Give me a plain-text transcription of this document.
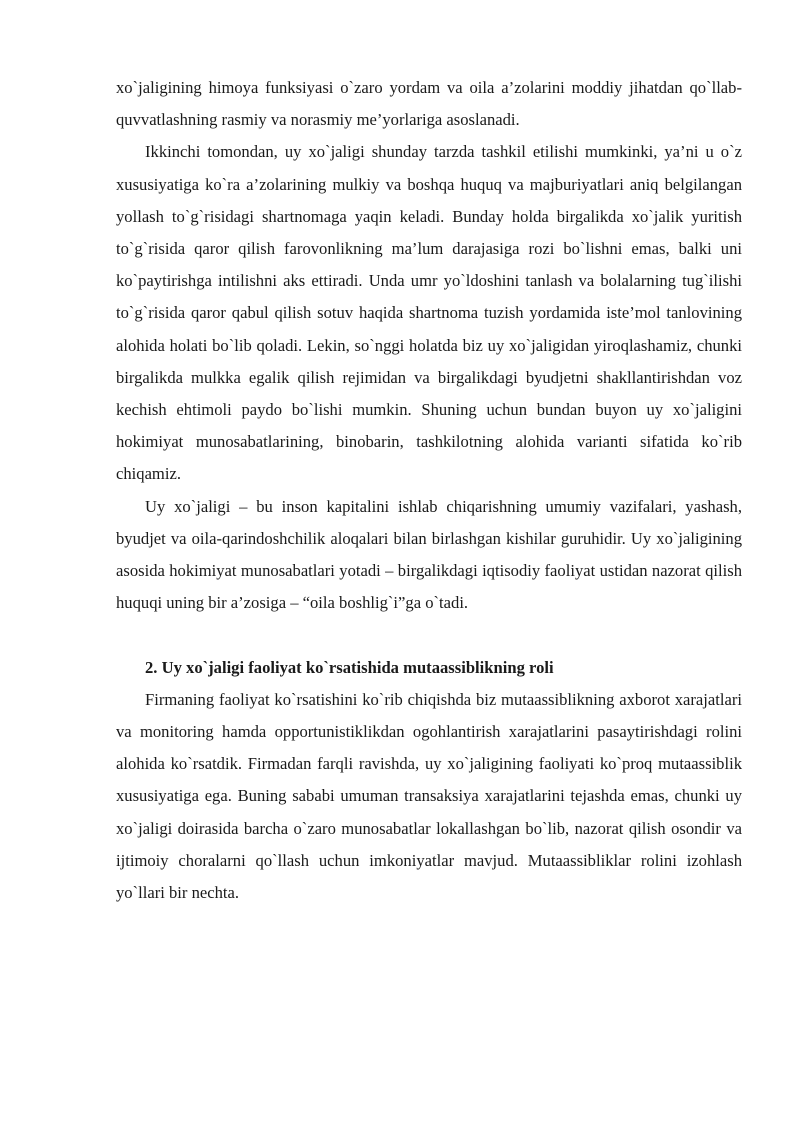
xo`jaligining himoya funksiyasi o`zaro yordam va oila a’zolarini moddiy jihatdan qo`llab-quvvatlashning rasmiy va norasmiy me’yorlariga asoslanadi.

Ikkinchi tomondan, uy xo`jaligi shunday tarzda tashkil etilishi mumkinki, ya’ni u o`z xususiyatiga ko`ra a’zolarining mulkiy va boshqa huquq va majburiyatlari aniq belgilangan yollash to`g`risidagi shartnomaga yaqin keladi. Bunday holda birgalikda xo`jalik yuritish to`g`risida qaror qilish farovonlikning ma’lum darajasiga rozi bo`lishni emas, balki uni ko`paytirishga intilishni aks ettiradi. Unda umr yo`ldoshini tanlash va bolalarning tug`ilishi to`g`risida qaror qabul qilish sotuv haqida shartnoma tuzish yordamida iste’mol tanlovining alohida holati bo`lib qoladi. Lekin, so`nggi holatda biz uy xo`jaligidan yiroqlashamiz, chunki birgalikda mulkka egalik qilish rejimidan va birgalikdagi byudjetni shakllantirishdan voz kechish ehtimoli paydo bo`lishi mumkin. Shuning uchun bundan buyon uy xo`jaligini hokimiyat munosabatlarining, binobarin, tashkilotning alohida varianti sifatida ko`rib chiqamiz.

Uy xo`jaligi – bu inson kapitalini ishlab chiqarishning umumiy vazifalari, yashash, byudjet va oila-qarindoshchilik aloqalari bilan birlashgan kishilar guruhidir. Uy xo`jaligining asosida hokimiyat munosabatlari yotadi – birgalikdagi iqtisodiy faoliyat ustidan nazorat qilish huquqi uning bir a’zosiga – “oila boshlig`i”ga o`tadi.

2. Uy xo`jaligi faoliyat ko`rsatishida mutaassiblikning roli

Firmaning faoliyat ko`rsatishini ko`rib chiqishda biz mutaassiblikning axborot xarajatlari va monitoring hamda opportunistiklikdan ogohlantirish xarajatlarini pasaytirishdagi rolini alohida ko`rsatdik. Firmadan farqli ravishda, uy xo`jaligining faoliyati ko`proq mutaassiblik xususiyatiga ega. Buning sababi umuman transaksiya xarajatlarini tejashda emas, chunki uy xo`jaligi doirasida barcha o`zaro munosabatlar lokallashgan bo`lib, nazorat qilish osondir va ijtimoiy choralarni qo`llash uchun imkoniyatlar mavjud. Mutaassibliklar rolini izohlash yo`llari bir nechta.
